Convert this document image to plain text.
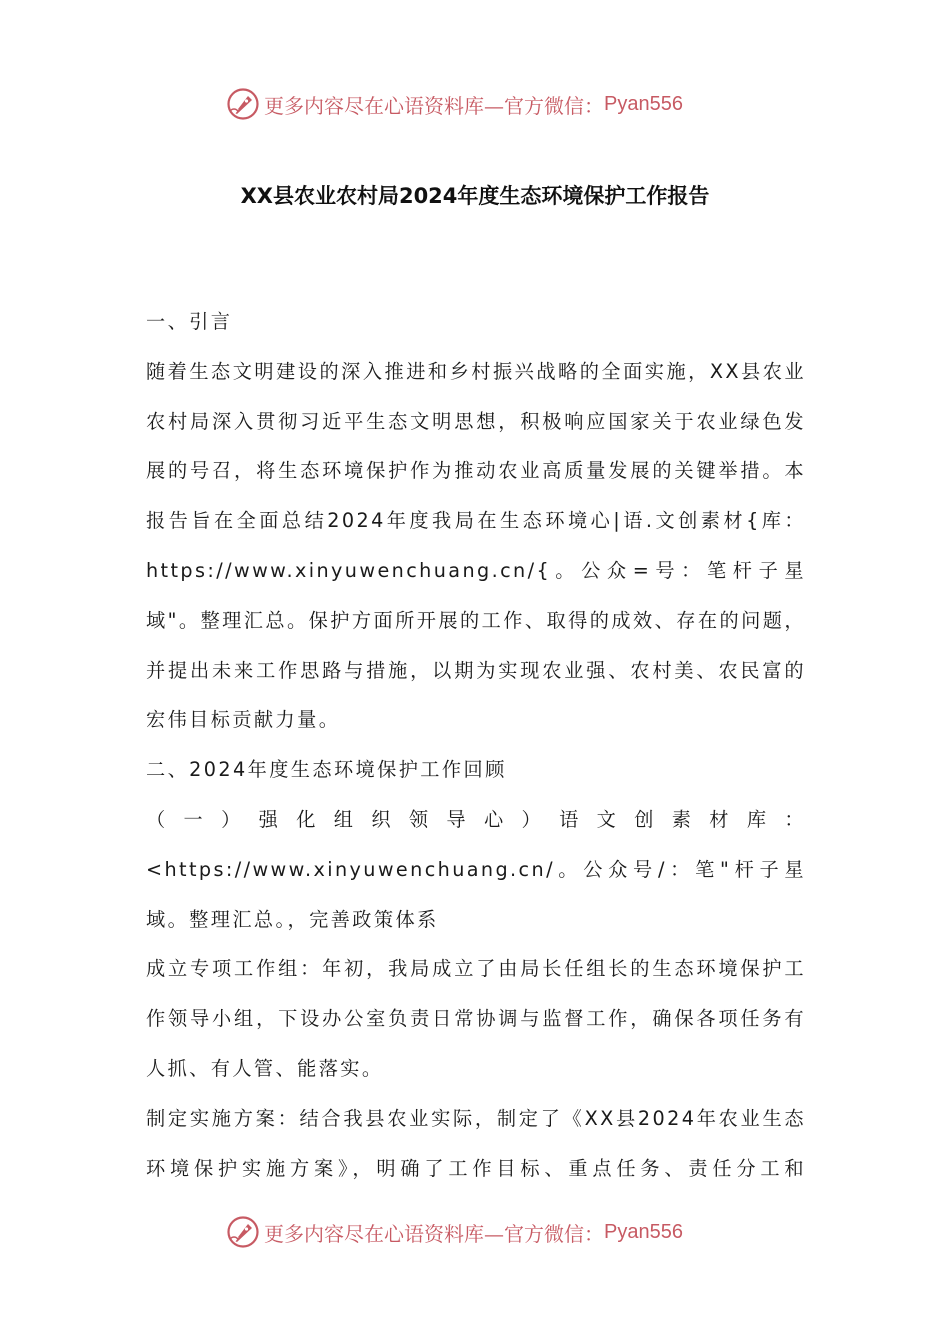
更多内容尽在心语资料库—官方微信： Pyan556
XX县农业农村局2024年度生态环境保护工作报告

一、引言

随着生态文明建设的深入推进和乡村振兴战略的全面实施，XX县农业农村局深入贯彻习近平生态文明思想，积极响应国家关于农业绿色发展的号召，将生态环境保护作为推动农业高质量发展的关键举措。本报告旨在全面总结2024年度我局在生态环境心|语.文创素材{库：https://www.xinyuwenchuang.cn/{。公众=号：笔杆子星域"。整理汇总。保护方面所开展的工作、取得的成效、存在的问题，并提出未来工作思路与措施，以期为实现农业强、农村美、农民富的宏伟目标贡献力量。

二、2024年度生态环境保护工作回顾

（一）强化组织领导心）语文创素材库：<https://www.xinyuwenchuang.cn/。公众号/：笔"杆子星域。整理汇总。，完善政策体系

成立专项工作组：年初，我局成立了由局长任组长的生态环境保护工作领导小组，下设办公室负责日常协调与监督工作，确保各项任务有人抓、有人管、能落实。

制定实施方案：结合我县农业实际，制定了《XX县2024年农业生态环境保护实施方案》，明确了工作目标、重点任务、责任分工和

更多内容尽在心语资料库—官方微信： Pyan556
